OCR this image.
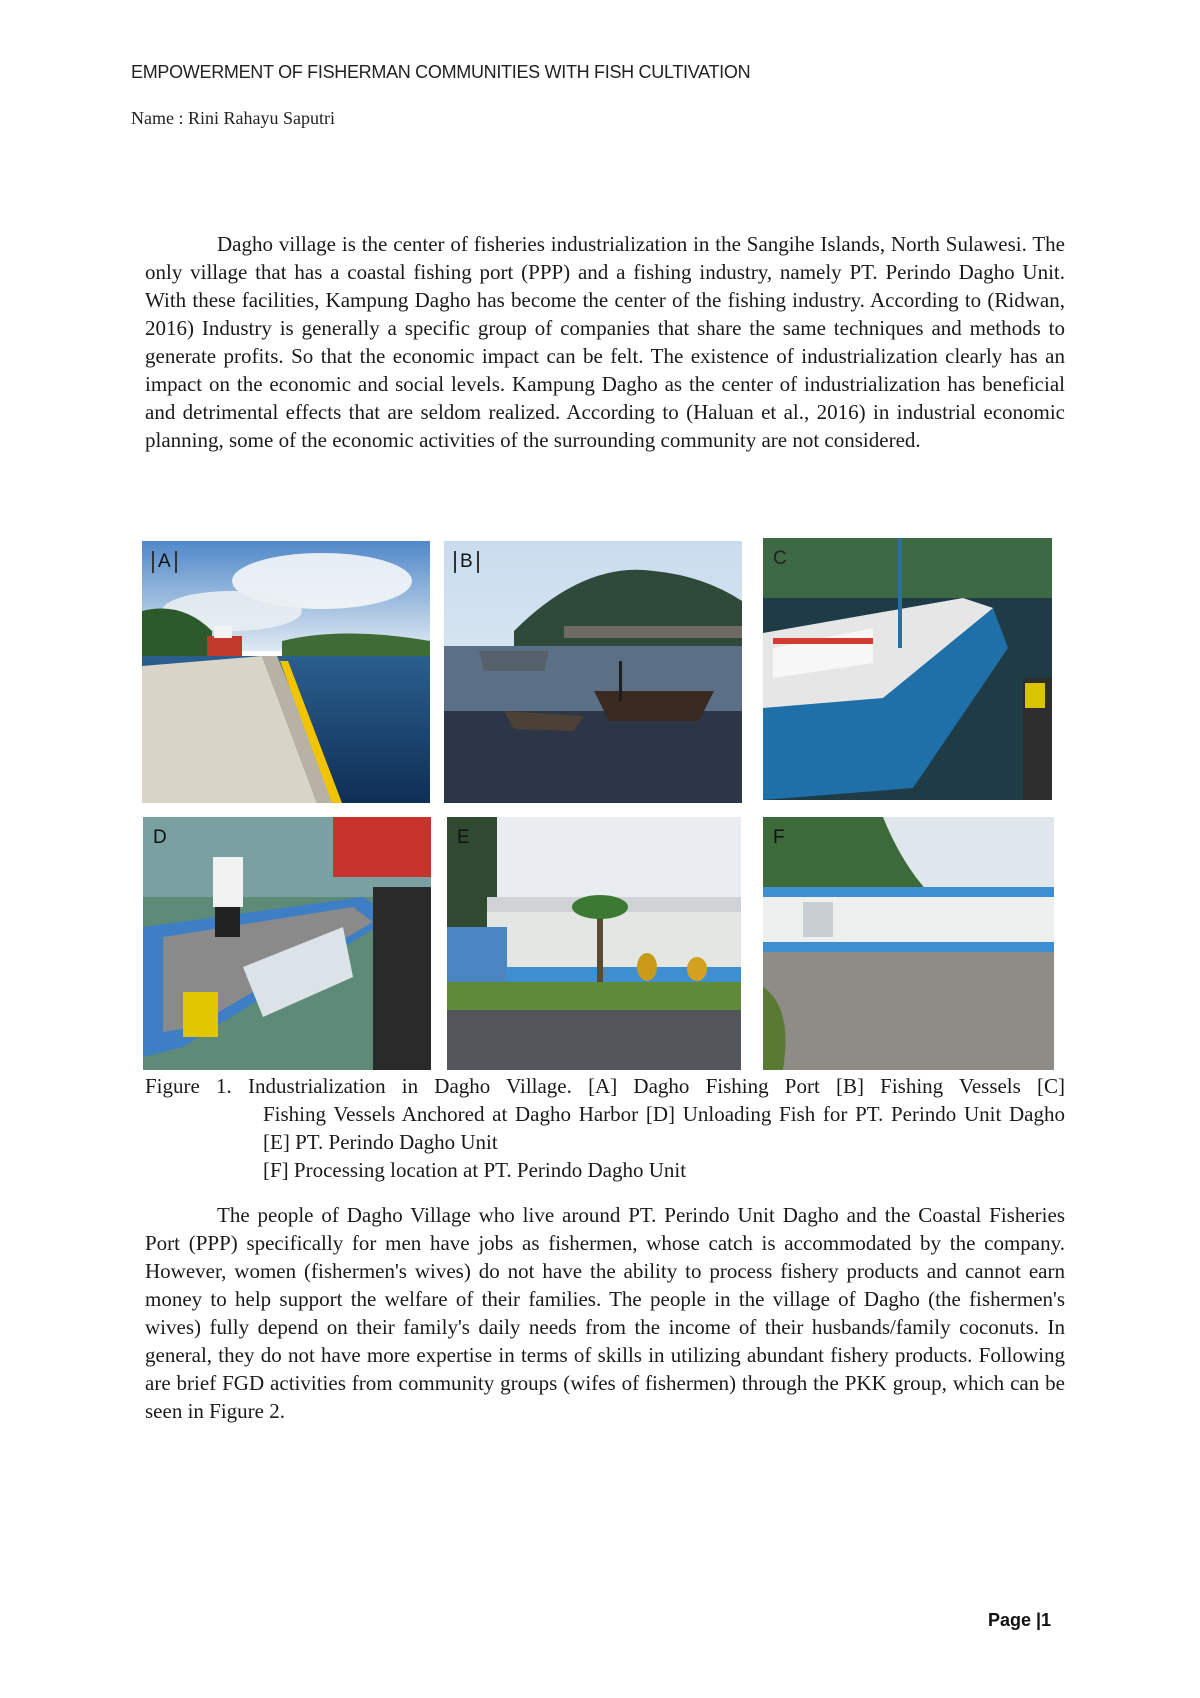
EMPOWERMENT OF FISHERMAN COMMUNITIES WITH FISH CULTIVATION
Name : Rini Rahayu Saputri

Dagho village is the center of fisheries industrialization in the Sangihe Islands, North Sulawesi. The only village that has a coastal fishing port (PPP) and a fishing industry, namely PT. Perindo Dagho Unit. With these facilities, Kampung Dagho has become the center of the fishing industry. According to (Ridwan, 2016) Industry is generally a specific group of companies that share the same techniques and methods to generate profits. So that the economic impact can be felt. The existence of industrialization clearly has an impact on the economic and social levels. Kampung Dagho as the center of industrialization has beneficial and detrimental effects that are seldom realized. According to (Haluan et al., 2016) in industrial economic planning, some of the economic activities of the surrounding community are not considered.

A	B	C
D	E	F
Figure 1. Industrialization in Dagho Village. [A] Dagho Fishing Port [B] Fishing Vessels [C]
Fishing Vessels Anchored at Dagho Harbor [D] Unloading Fish for PT. Perindo Unit Dagho [E] PT. Perindo Dagho Unit
[F] Processing location at PT. Perindo Dagho Unit

The people of Dagho Village who live around PT. Perindo Unit Dagho and the Coastal Fisheries Port (PPP) specifically for men have jobs as fishermen, whose catch is accommodated by the company. However, women (fishermen's wives) do not have the ability to process fishery products and cannot earn money to help support the welfare of their families. The people in the village of Dagho (the fishermen's wives) fully depend on their family's daily needs from the income of their husbands/family coconuts. In general, they do not have more expertise in terms of skills in utilizing abundant fishery products. Following are brief FGD activities from community groups (wifes of fishermen) through the PKK group, which can be seen in Figure 2.

Page |1
